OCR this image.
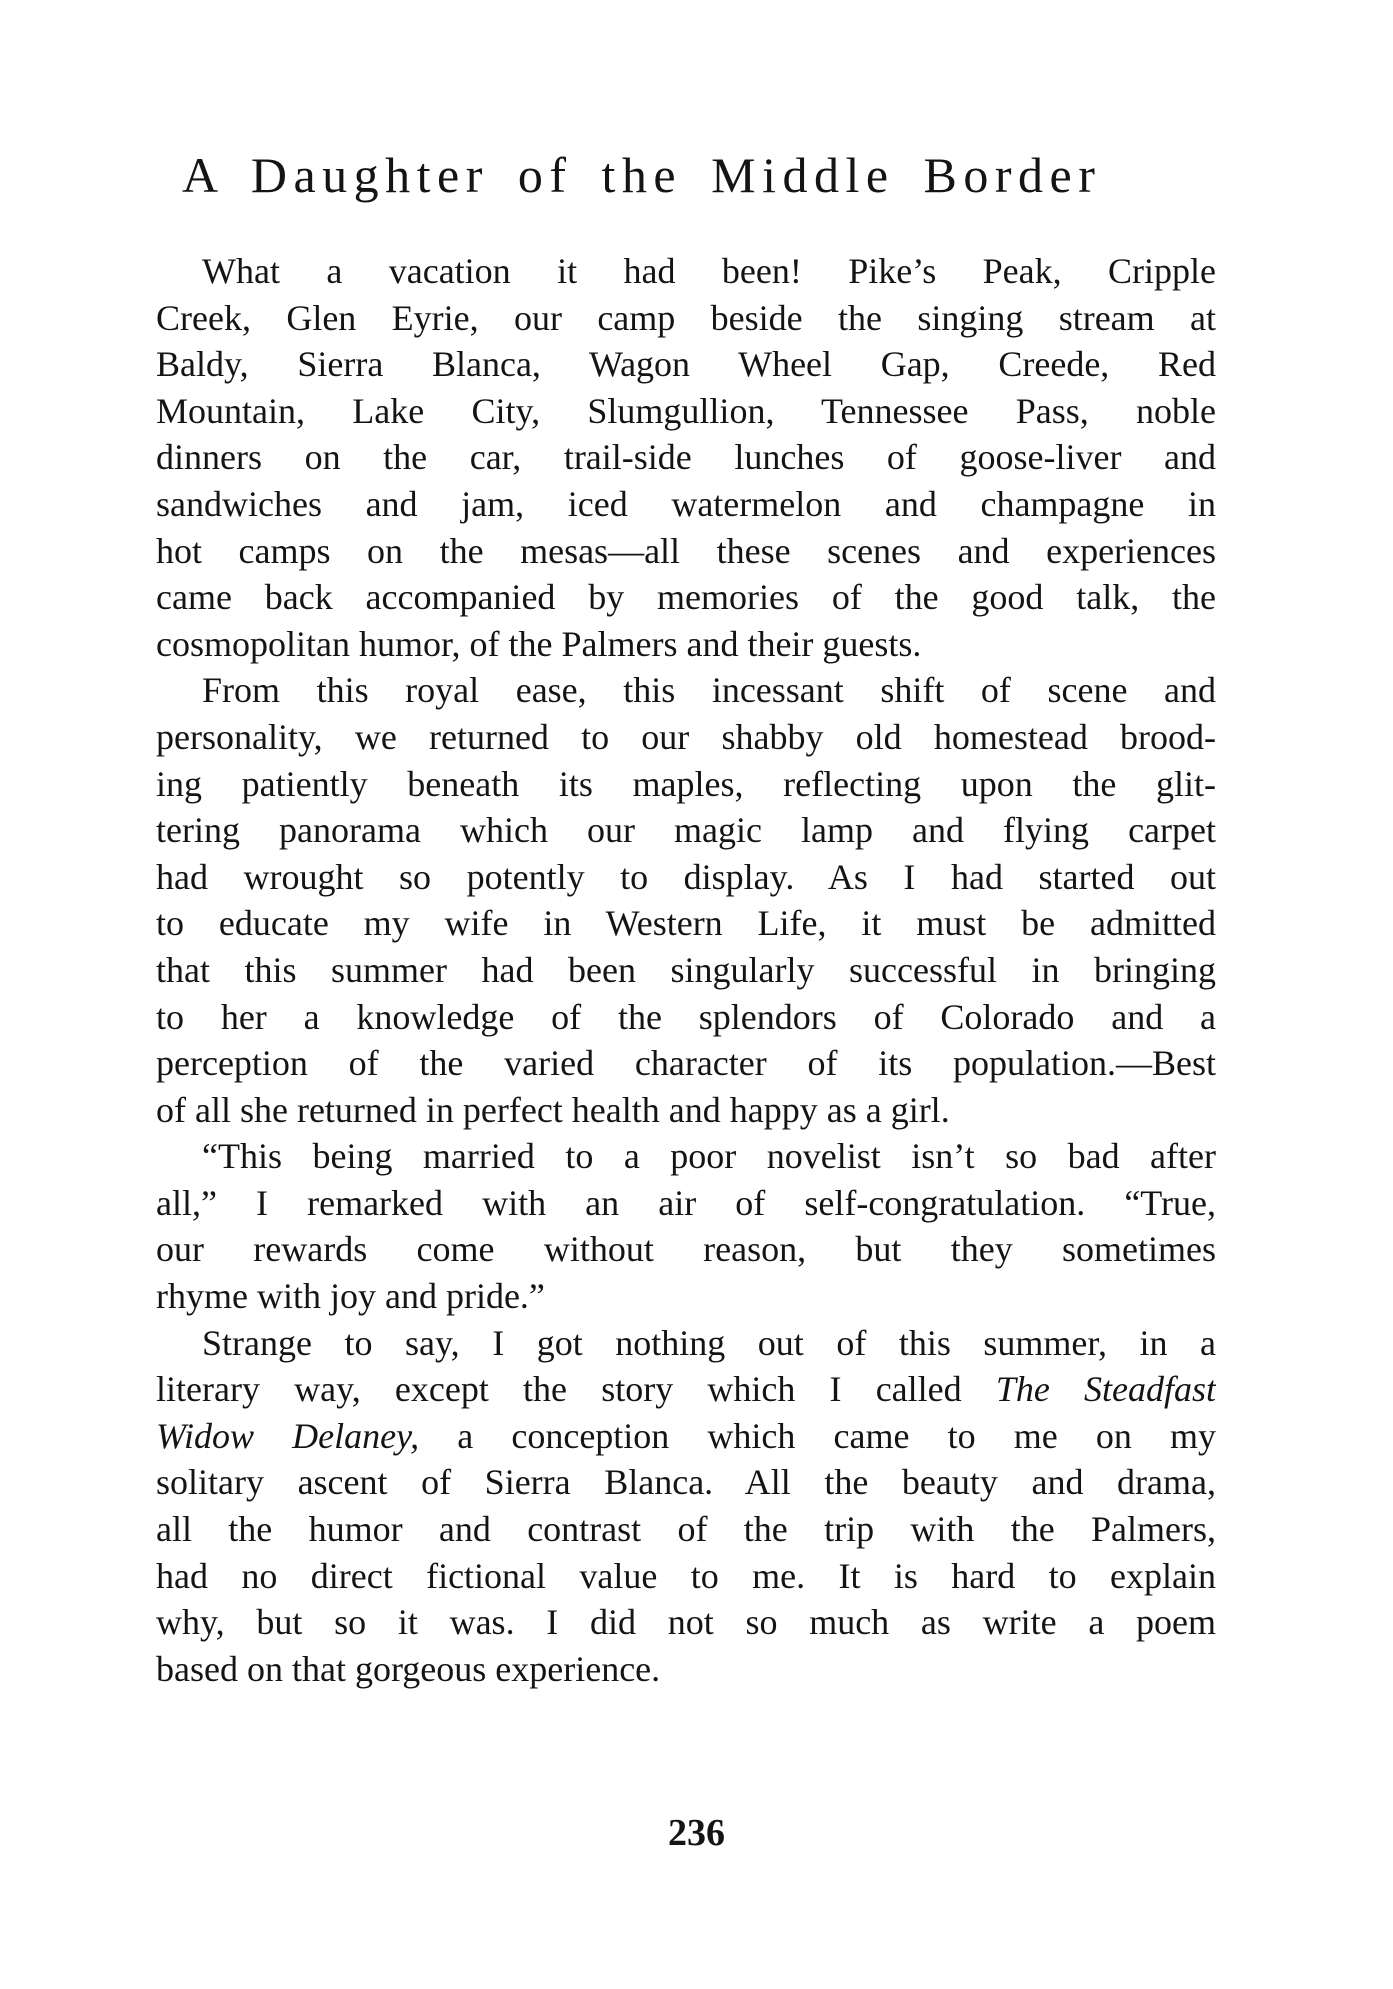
A Daughter of the Middle Border
What a vacation it had been! Pike’s Peak, Cripple
Creek, Glen Eyrie, our camp beside the singing stream at
Baldy, Sierra Blanca, Wagon Wheel Gap, Creede, Red
Mountain, Lake City, Slumgullion, Tennessee Pass, noble
dinners on the car, trail-side lunches of goose-liver and
sandwiches and jam, iced watermelon and champagne in
hot camps on the mesas—all these scenes and experiences
came back accompanied by memories of the good talk, the
cosmopolitan humor, of the Palmers and their guests.
From this royal ease, this incessant shift of scene and
personality, we returned to our shabby old homestead brood-
ing patiently beneath its maples, reflecting upon the glit-
tering panorama which our magic lamp and flying carpet
had wrought so potently to display. As I had started out
to educate my wife in Western Life, it must be admitted
that this summer had been singularly successful in bringing
to her a knowledge of the splendors of Colorado and a
perception of the varied character of its population.—Best
of all she returned in perfect health and happy as a girl.
“This being married to a poor novelist isn’t so bad after
all,” I remarked with an air of self-congratulation. “True,
our rewards come without reason, but they sometimes
rhyme with joy and pride.”
Strange to say, I got nothing out of this summer, in a
literary way, except the story which I called The Steadfast
Widow Delaney, a conception which came to me on my
solitary ascent of Sierra Blanca. All the beauty and drama,
all the humor and contrast of the trip with the Palmers,
had no direct fictional value to me. It is hard to explain
why, but so it was. I did not so much as write a poem
based on that gorgeous experience.
236
